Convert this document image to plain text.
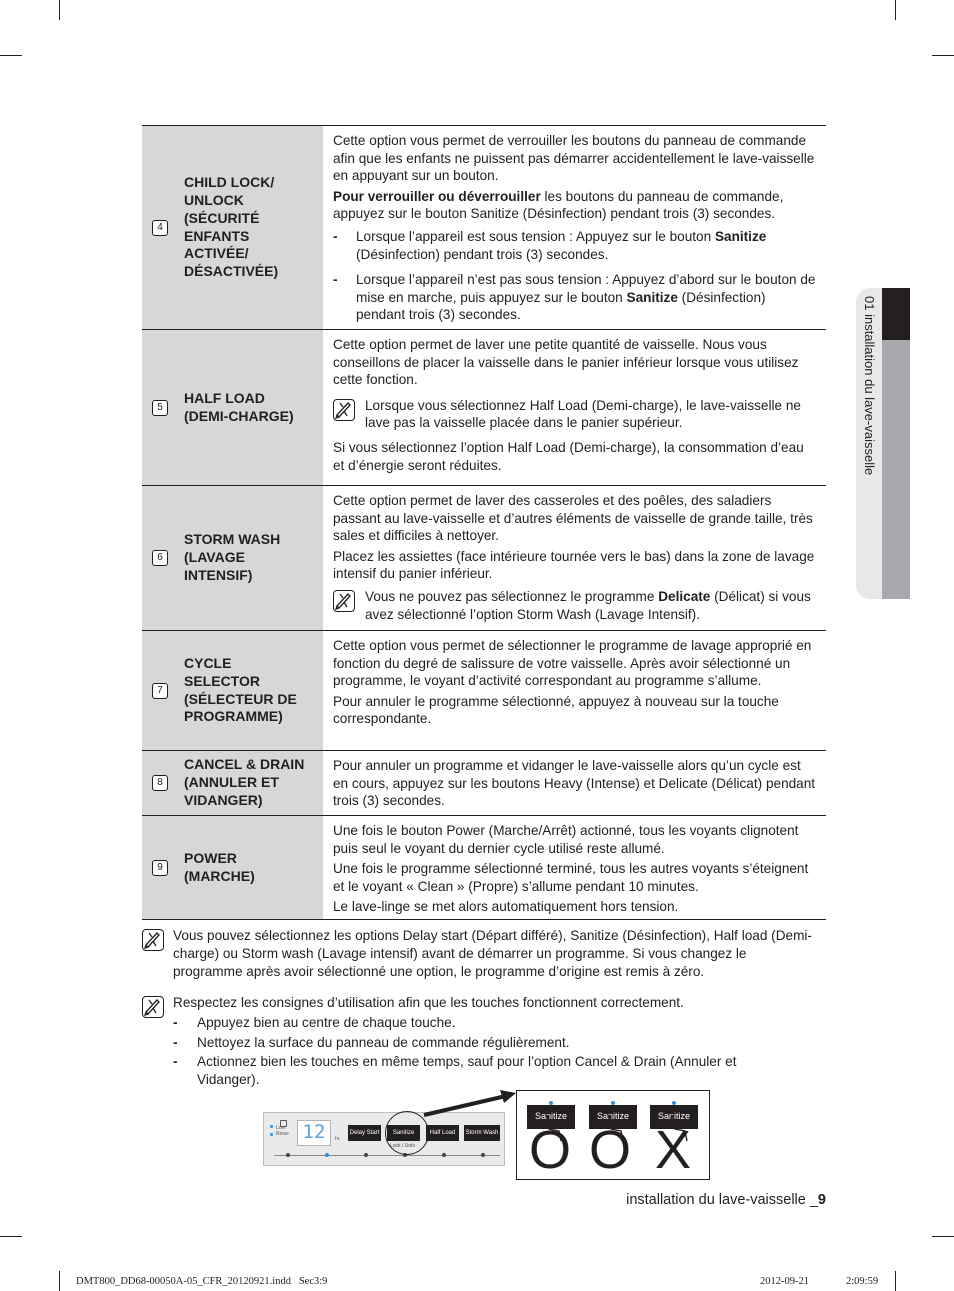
01 installation du lave-vaisselle
4
CHILD LOCK/
UNLOCK
(SÉCURITÉ
ENFANTS
ACTIVÉE/
DÉSACTIVÉE)

Cette option vous permet de verrouiller les boutons du panneau de commande afin que les enfants ne puissent pas démarrer accidentellement le lave-vaisselle en appuyant sur un bouton.

Pour verrouiller ou déverrouiller les boutons du panneau de commande, appuyez sur le bouton Sanitize (Désinfection) pendant trois (3) secondes.

-	Lorsque l’appareil est sous tension : Appuyez sur le bouton Sanitize (Désinfection) pendant trois (3) secondes.
-	Lorsque l’appareil n’est pas sous tension : Appuyez d’abord sur le bouton de mise en marche, puis appuyez sur le bouton Sanitize (Désinfection) pendant trois (3) secondes.
5
HALF LOAD
(DEMI-CHARGE)

Cette option permet de laver une petite quantité de vaisselle. Nous vous conseillons de placer la vaisselle dans le panier inférieur lorsque vous utilisez cette fonction.

Lorsque vous sélectionnez Half Load (Demi-charge), le lave-vaisselle ne lave pas la vaisselle placée dans le panier supérieur.

Si vous sélectionnez l’option Half Load (Demi-charge), la consommation d’eau et d’énergie seront réduites.

6
STORM WASH
(LAVAGE
INTENSIF)

Cette option permet de laver des casseroles et des poêles, des saladiers passant au lave-vaisselle et d’autres éléments de vaisselle de grande taille, très sales et difficiles à nettoyer.

Placez les assiettes (face intérieure tournée vers le bas) dans la zone de lavage intensif du panier inférieur.

Vous ne pouvez pas sélectionnez le programme Delicate (Délicat) si vous avez sélectionné l’option Storm Wash (Lavage Intensif).
7
CYCLE
SELECTOR
(SÉLECTEUR DE
PROGRAMME)

Cette option vous permet de sélectionner le programme de lavage approprié en fonction du degré de salissure de votre vaisselle. Après avoir sélectionné un programme, le voyant d’activité correspondant au programme s’allume.

Pour annuler le programme sélectionné, appuyez à nouveau sur la touche correspondante.

8
CANCEL & DRAIN
(ANNULER ET
VIDANGER)

Pour annuler un programme et vidanger le lave-vaisselle alors qu’un cycle est en cours, appuyez sur les boutons Heavy (Intense) et Delicate (Délicat) pendant trois (3) secondes.

9
POWER
(MARCHE)

Une fois le bouton Power (Marche/Arrêt) actionné, tous les voyants clignotent puis seul le voyant du dernier cycle utilisé reste allumé.

Une fois le programme sélectionné terminé, tous les autres voyants s’éteignent et le voyant « Clean » (Propre) s’allume pendant 10 minutes.

Le lave-linge se met alors automatiquement hors tension.

Vous pouvez sélectionnez les options Delay start (Départ différé), Sanitize (Désinfection), Half load (Demi-charge) ou Storm wash (Lavage intensif) avant de démarrer un programme. Si vous changez le programme après avoir sélectionné une option, le programme d’origine est remis à zéro.
Respectez les consignes d’utilisation afin que les touches fonctionnent correctement.
-	Appuyez bien au centre de chaque touche.
-	Nettoyez la surface du panneau de commande régulièrement.
-	Actionnez bien les touches en même temps, sauf pour l’option Cancel & Drain (Annuler et Vidanger).
Low
Rinse 12	hr.
Delay Start	Sanitize	Half Load	Storm Wash
Lock / Unlo
Sanitize	Sanitize	Sanitize
O O X
installation du lave-vaisselle _9
DMT800_DD68-00050A-05_CFR_20120921.indd   Sec3:9	2012-09-21	2:09:59
